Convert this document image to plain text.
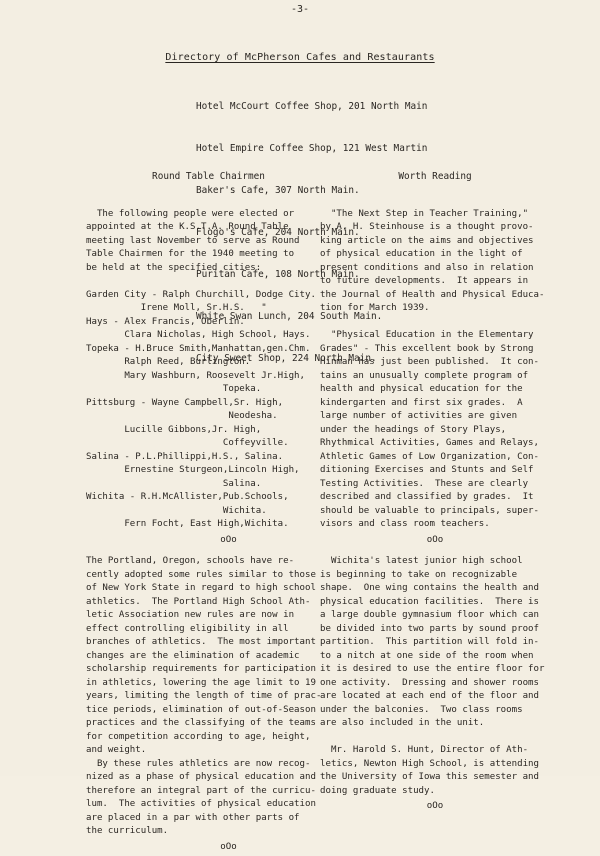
-3-
Directory of McPherson Cafes and Restaurants

Hotel McCourt Coffee Shop, 201 North Main

Hotel Empire Coffee Shop, 121 West Martin

Baker's Cafe, 307 North Main.

Flogo's Cafe, 204 North Main.

Puritan Cafe, 108 North Main.

White Swan Lunch, 204 South Main.

City Sweet Shop, 224 North Main.

Round Table Chairmen

The following people were elected or
appointed at the K.S.T.A. Round Table
meeting last November to serve as Round
Table Chairmen for the 1940 meeting to
be held at the specified cities:

Garden City - Ralph Churchill, Dodge City.
Irene Moll, Sr.H.S.   "
Hays - Alex Francis, Oberlin.
Clara Nicholas, High School, Hays.
Topeka - H.Bruce Smith,Manhattan,gen.Chm.
Ralph Reed, Burlington.
Mary Washburn, Roosevelt Jr.High,
Topeka.
Pittsburg - Wayne Campbell,Sr. High,
Neodesha.
Lucille Gibbons,Jr. High,
Coffeyville.
Salina - P.L.Phillippi,H.S., Salina.
Ernestine Sturgeon,Lincoln High,
Salina.
Wichita - R.H.McAllister,Pub.Schools,
Wichita.
Fern Focht, East High,Wichita.

oOo

The Portland, Oregon, schools have re-
cently adopted some rules similar to those
of New York State in regard to high school
athletics.  The Portland High School Ath-
letic Association new rules are now in
effect controlling eligibility in all
branches of athletics.  The most important
changes are the elimination of academic
scholarship requirements for participation
in athletics, lowering the age limit to 19
years, limiting the length of time of prac-
tice periods, elimination of out-of-Season
practices and the classifying of the teams
for competition according to age, height,
and weight.

By these rules athletics are now recog-
nized as a phase of physical education and
therefore an integral part of the curricu-
lum.  The activities of physical education
are placed in a par with other parts of
the curriculum.

oOo
Worth Reading

"The Next Step in Teacher Training,"
by A. H. Steinhouse is a thought provo-
king article on the aims and objectives
of physical education in the light of
present conditions and also in relation
to future developments.  It appears in
the Journal of Health and Physical Educa-
tion for March 1939.

"Physical Education in the Elementary
Grades" - This excellent book by Strong
Hinman has just been published.  It con-
tains an unusually complete program of
health and physical education for the
kindergarten and first six grades.  A
large number of activities are given
under the headings of Story Plays,
Rhythmical Activities, Games and Relays,
Athletic Games of Low Organization, Con-
ditioning Exercises and Stunts and Self
Testing Activities.  These are clearly
described and classified by grades.  It
should be valuable to principals, super-
visors and class room teachers.

oOo

Wichita's latest junior high school
is beginning to take on recognizable
shape.  One wing contains the health and
physical education facilities.  There is
a large double gymnasium floor which can
be divided into two parts by sound proof
partition.  This partition will fold in-
to a nitch at one side of the room when
it is desired to use the entire floor for
one activity.  Dressing and shower rooms
are located at each end of the floor and
under the balconies.  Two class rooms
are also included in the unit.

Mr. Harold S. Hunt, Director of Ath-
letics, Newton High School, is attending
the University of Iowa this semester and
doing graduate study.

oOo
